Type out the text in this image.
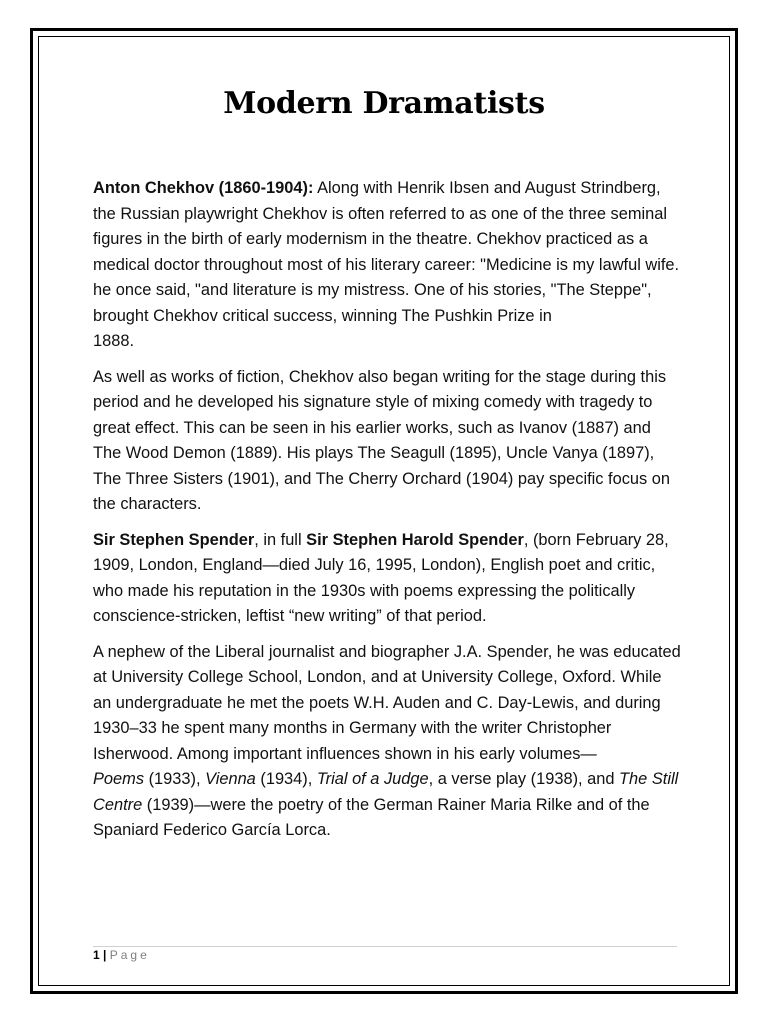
Modern Dramatists

Anton Chekhov (1860-1904): Along with Henrik Ibsen and August Strindberg, the Russian playwright Chekhov is often referred to as one of the three seminal figures in the birth of early modernism in the theatre. Chekhov practiced as a medical doctor throughout most of his literary career: "Medicine is my lawful wife. he once said, "and literature is my mistress. One of his stories, "The Steppe", brought Chekhov critical success, winning The Pushkin Prize in
1888.

As well as works of fiction, Chekhov also began writing for the stage during this period and he developed his signature style of mixing comedy with tragedy to great effect. This can be seen in his earlier works, such as Ivanov (1887) and The Wood Demon (1889). His plays The Seagull (1895), Uncle Vanya (1897), The Three Sisters (1901), and The Cherry Orchard (1904) pay specific focus on the characters.

Sir Stephen Spender, in full Sir Stephen Harold Spender, (born February 28, 1909, London, England—died July 16, 1995, London), English poet and critic, who made his reputation in the 1930s with poems expressing the politically conscience-stricken, leftist “new writing” of that period.

A nephew of the Liberal journalist and biographer J.A. Spender, he was educated at University College School, London, and at University College, Oxford. While an undergraduate he met the poets W.H. Auden and C. Day-Lewis, and during 1930–33 he spent many months in Germany with the writer Christopher Isherwood. Among important influences shown in his early volumes—
Poems (1933), Vienna (1934), Trial of a Judge, a verse play (1938), and The Still Centre (1939)—were the poetry of the German Rainer Maria Rilke and of the Spaniard Federico García Lorca.

1 | Page
